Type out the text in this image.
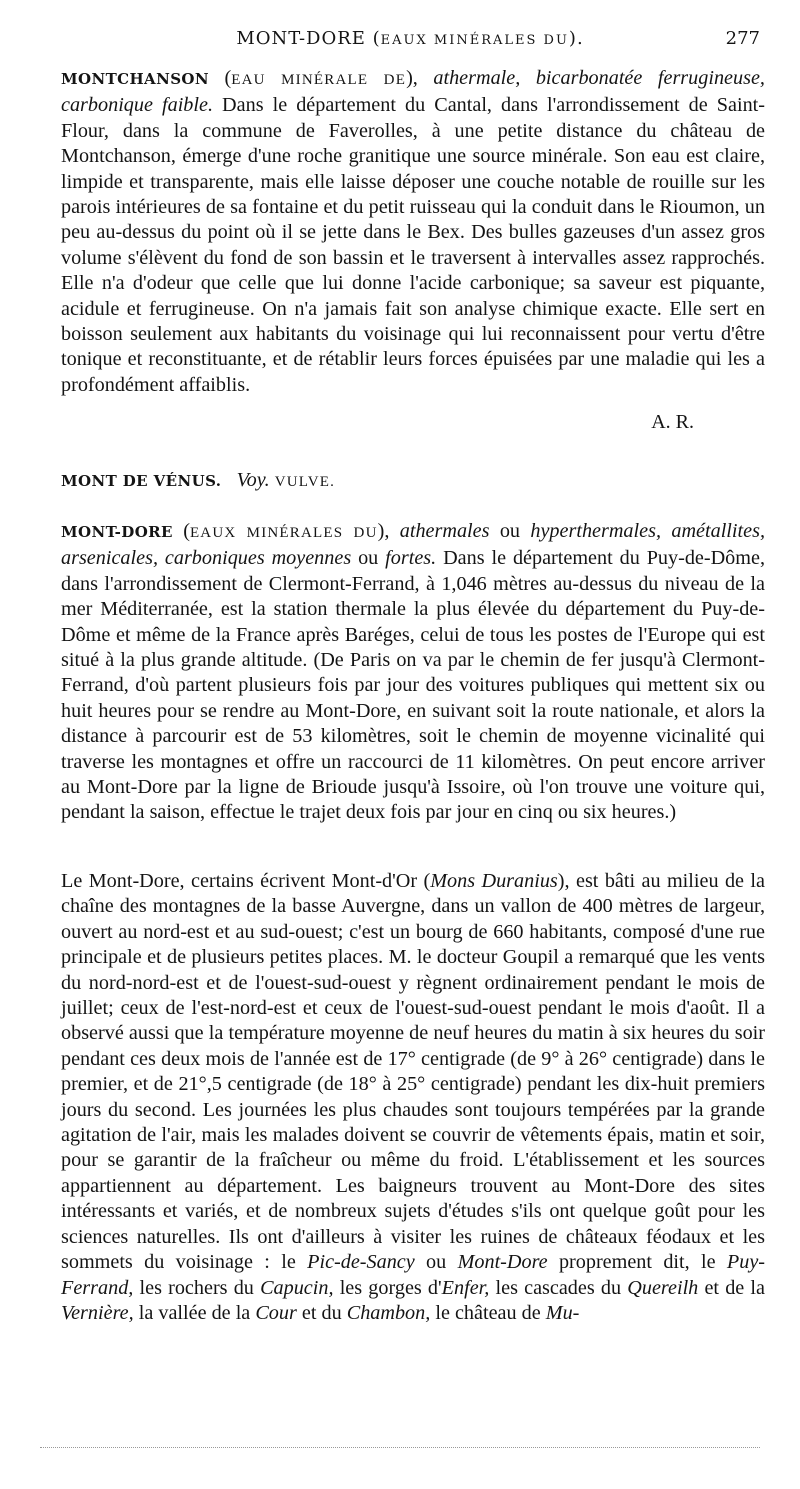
MONT-DORE (EAUX MINÉRALES DU).	277
MONTCHANSON (EAU MINÉRALE DE), athermale, bicarbonatée ferrugineuse, carbonique faible. Dans le département du Cantal, dans l'arrondissement de Saint-Flour, dans la commune de Faverolles, à une petite distance du château de Montchanson, émerge d'une roche granitique une source minérale. Son eau est claire, limpide et transparente, mais elle laisse déposer une couche notable de rouille sur les parois intérieures de sa fontaine et du petit ruisseau qui la conduit dans le Rioumon, un peu au-dessus du point où il se jette dans le Bex. Des bulles gazeuses d'un assez gros volume s'élèvent du fond de son bassin et le traversent à intervalles assez rapprochés. Elle n'a d'odeur que celle que lui donne l'acide carbonique; sa saveur est piquante, acidule et ferrugineuse. On n'a jamais fait son analyse chimique exacte. Elle sert en boisson seulement aux habitants du voisinage qui lui reconnaissent pour vertu d'être tonique et reconstituante, et de rétablir leurs forces épuisées par une maladie qui les a profondément affaiblis.
A. R.
MONT DE VÉNUS. Voy. VULVE.
MONT-DORE (EAUX MINÉRALES DU), athermales ou hyperthermales, amétallites, arsenicales, carboniques moyennes ou fortes. Dans le département du Puy-de-Dôme, dans l'arrondissement de Clermont-Ferrand, à 1,046 mètres au-dessus du niveau de la mer Méditerranée, est la station thermale la plus élevée du département du Puy-de-Dôme et même de la France après Baréges, celui de tous les postes de l'Europe qui est situé à la plus grande altitude. (De Paris on va par le chemin de fer jusqu'à Clermont-Ferrand, d'où partent plusieurs fois par jour des voitures publiques qui mettent six ou huit heures pour se rendre au Mont-Dore, en suivant soit la route nationale, et alors la distance à parcourir est de 53 kilomètres, soit le chemin de moyenne vicinalité qui traverse les montagnes et offre un raccourci de 11 kilomètres. On peut encore arriver au Mont-Dore par la ligne de Brioude jusqu'à Issoire, où l'on trouve une voiture qui, pendant la saison, effectue le trajet deux fois par jour en cinq ou six heures.)
Le Mont-Dore, certains écrivent Mont-d'Or (Mons Duranius), est bâti au milieu de la chaîne des montagnes de la basse Auvergne, dans un vallon de 400 mètres de largeur, ouvert au nord-est et au sud-ouest; c'est un bourg de 660 habitants, composé d'une rue principale et de plusieurs petites places. M. le docteur Goupil a remarqué que les vents du nord-nord-est et de l'ouest-sud-ouest y règnent ordinairement pendant le mois de juillet; ceux de l'est-nord-est et ceux de l'ouest-sud-ouest pendant le mois d'août. Il a observé aussi que la température moyenne de neuf heures du matin à six heures du soir pendant ces deux mois de l'année est de 17° centigrade (de 9° à 26° centigrade) dans le premier, et de 21°,5 centigrade (de 18° à 25° centigrade) pendant les dix-huit premiers jours du second. Les journées les plus chaudes sont toujours tempérées par la grande agitation de l'air, mais les malades doivent se couvrir de vêtements épais, matin et soir, pour se garantir de la fraîcheur ou même du froid. L'établissement et les sources appartiennent au département. Les baigneurs trouvent au Mont-Dore des sites intéressants et variés, et de nombreux sujets d'études s'ils ont quelque goût pour les sciences naturelles. Ils ont d'ailleurs à visiter les ruines de châteaux féodaux et les sommets du voisinage : le Pic-de-Sancy ou Mont-Dore proprement dit, le Puy-Ferrand, les rochers du Capucin, les gorges d'Enfer, les cascades du Quereilh et de la Vernière, la vallée de la Cour et du Chambon, le château de Mu-
